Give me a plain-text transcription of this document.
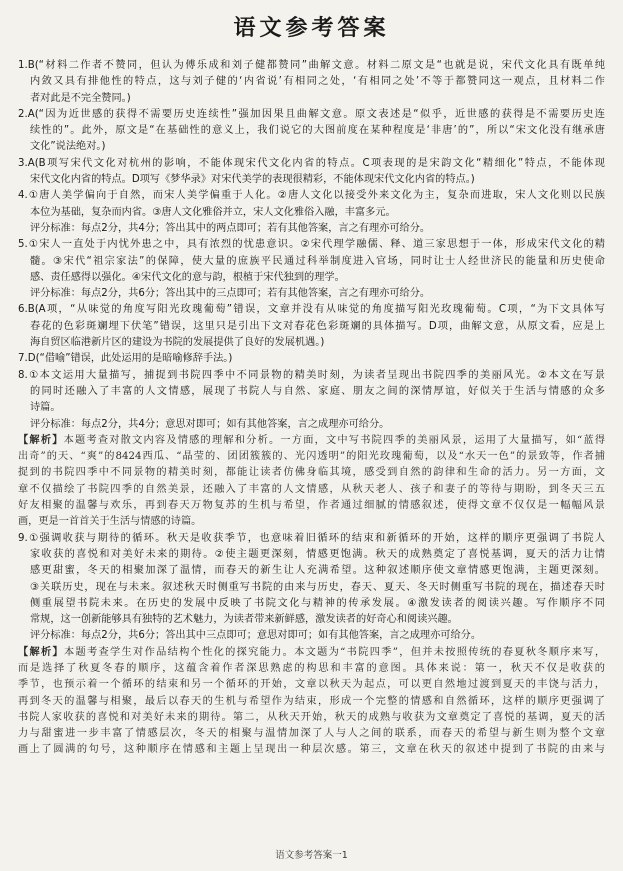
语文参考答案
1.B(“材料二作者不赞同，但认为傅乐成和刘子健都赞同”曲解文意。材料二原文是“也就是说，宋代文化具有既单纯
内敛又具有排他性的特点，这与刘子健的‘内省说’有相同之处，‘有相同之处’不等于都赞同这一观点，且材料二作
者对此是不完全赞同。)
2.A(“因为近世感的获得不需要历史连续性”强加因果且曲解文意。原文表述是“似乎，近世感的获得是不需要历史连
续性的”。此外，原文是“在基础性的意义上，我们说它的大图前度在某种程度是‘非唐’的”，所以“宋文化没有继承唐
文化”说法绝对。)
3.A(B项写宋代文化对杭州的影响，不能体现宋代文化内省的特点。C项表现的是宋韵文化“精细化”特点，不能体现
宋代文化内省的特点。D项写《梦华录》对宋代美学的表现很精彩，不能体现宋代文化内省的特点。)
4.①唐人美学偏向于自然，而宋人美学偏重于人化。②唐人文化以接受外来文化为主，复杂而进取，宋人文化则以民族
本位为基础，复杂而内省。③唐人文化雅俗并立，宋人文化雅俗入融，丰富多元。
评分标准：每点2分，共4分；答出其中的两点即可；若有其他答案，言之有理亦可给分。
5.①宋人一直处于内忧外患之中，具有浓烈的忧患意识。②宋代理学融儒、释、道三家思想于一体，形成宋代文化的精
髓。③宋代“祖宗家法”的保障，使大量的庶族平民通过科举制度进入官场，同时让士人经世济民的能量和历史使命
感、责任感得以强化。④宋代文化的意与韵，根植于宋代独到的理学。
评分标准：每点2分，共6分；答出其中的三点即可；若有其他答案，言之有理亦可给分。
6.B(A项，“从味觉的角度写阳光玫瑰葡萄”错误，文章并没有从味觉的角度描写阳光玫瑰葡萄。C项，“为下文具体写
春花的色彩斑斓埋下伏笔”错误，这里只是引出下文对春花色彩斑斓的具体描写。D项，曲解文意，从原文看，应是上
海自贸区临港新片区的建设为书院的发展提供了良好的发展机遇。)
7.D(“借喻”错误，此处运用的是暗喻修辞手法。)
8.①本文运用大量描写，捕捉到书院四季中不同景物的精美时刻，为读者呈现出书院四季的美丽风光。②本文在写景
的同时还融入了丰富的人文情感，展现了书院人与自然、家庭、朋友之间的深情厚谊，好似关于生活与情感的众多
诗篇。
评分标准：每点2分，共4分；意思对即可；如有其他答案，言之成理亦可给分。
【解析】本题考查对散文内容及情感的理解和分析。一方面，文中写书院四季的美丽风景，运用了大量描写，如“蓝得
出奇”的天、“爽”的8424西瓜、“晶莹的、团团簇簇的、光闪透明”的阳光玫瑰葡萄，以及“水天一色”的景致等，作者捕
捉到的书院四季中不同景物的精美时刻，都能让读者仿佛身临其境，感受到自然的韵律和生命的活力。另一方面，文
章不仅描绘了书院四季的自然美景，还融入了丰富的人文情感，从秋天老人、孩子和妻子的等待与期盼，到冬天三五
好友相聚的温馨与欢乐，再到春天万物复苏的生机与希望，作者通过细腻的情感叙述，使得文章不仅仅是一幅幅风景
画，更是一首首关于生活与情感的诗篇。
9.①强调收获与期待的循环。秋天是收获季节，也意味着旧循环的结束和新循环的开始，这样的顺序更强调了书院人
家收获的喜悦和对美好未来的期待。②使主题更深刻，情感更饱满。秋天的成熟奠定了喜悦基调，夏天的活力让情
感更甜蜜，冬天的相聚加深了温情，而春天的新生让人充满希望。这种叙述顺序使文章情感更饱满，主题更深刻。
③关联历史，现在与未来。叙述秋天时侧重写书院的由来与历史，春天、夏天、冬天时侧重写书院的现在，描述春天时
侧重展望书院未来。在历史的发展中反映了书院文化与精神的传承发展。④激发读者的阅读兴趣。写作顺序不同
常规，这一创新能够具有独特的艺术魅力，为读者带来新鲜感，激发读者的好奇心和阅读兴趣。
评分标准：每点2分，共6分；答出其中三点即可；意思对即可；如有其他答案，言之成理亦可给分。
【解析】本题考查学生对作品结构个性化的探究能力。本文题为“书院四季”，但并未按照传统的春夏秋冬顺序来写，
而是选择了秋夏冬春的顺序，这蕴含着作者深思熟虑的构思和丰富的意图。具体来说：第一，秋天不仅是收获的
季节，也预示着一个循环的结束和另一个循环的开始，文章以秋天为起点，可以更自然地过渡到夏天的丰饶与活力，
再到冬天的温馨与相聚，最后以春天的生机与希望作为结束，形成一个完整的情感和自然循环，这样的顺序更强调了
书院人家收获的喜悦和对美好未来的期待。第二，从秋天开始，秋天的成熟与收获为文章奠定了喜悦的基调，夏天的活
力与甜蜜进一步丰富了情感层次，冬天的相聚与温情加深了人与人之间的联系，而春天的希望与新生则为整个文章
画上了圆满的句号，这种顺序在情感和主题上呈现出一种层次感。第三，文章在秋天的叙述中提到了书院的由来与
语文参考答案一1
